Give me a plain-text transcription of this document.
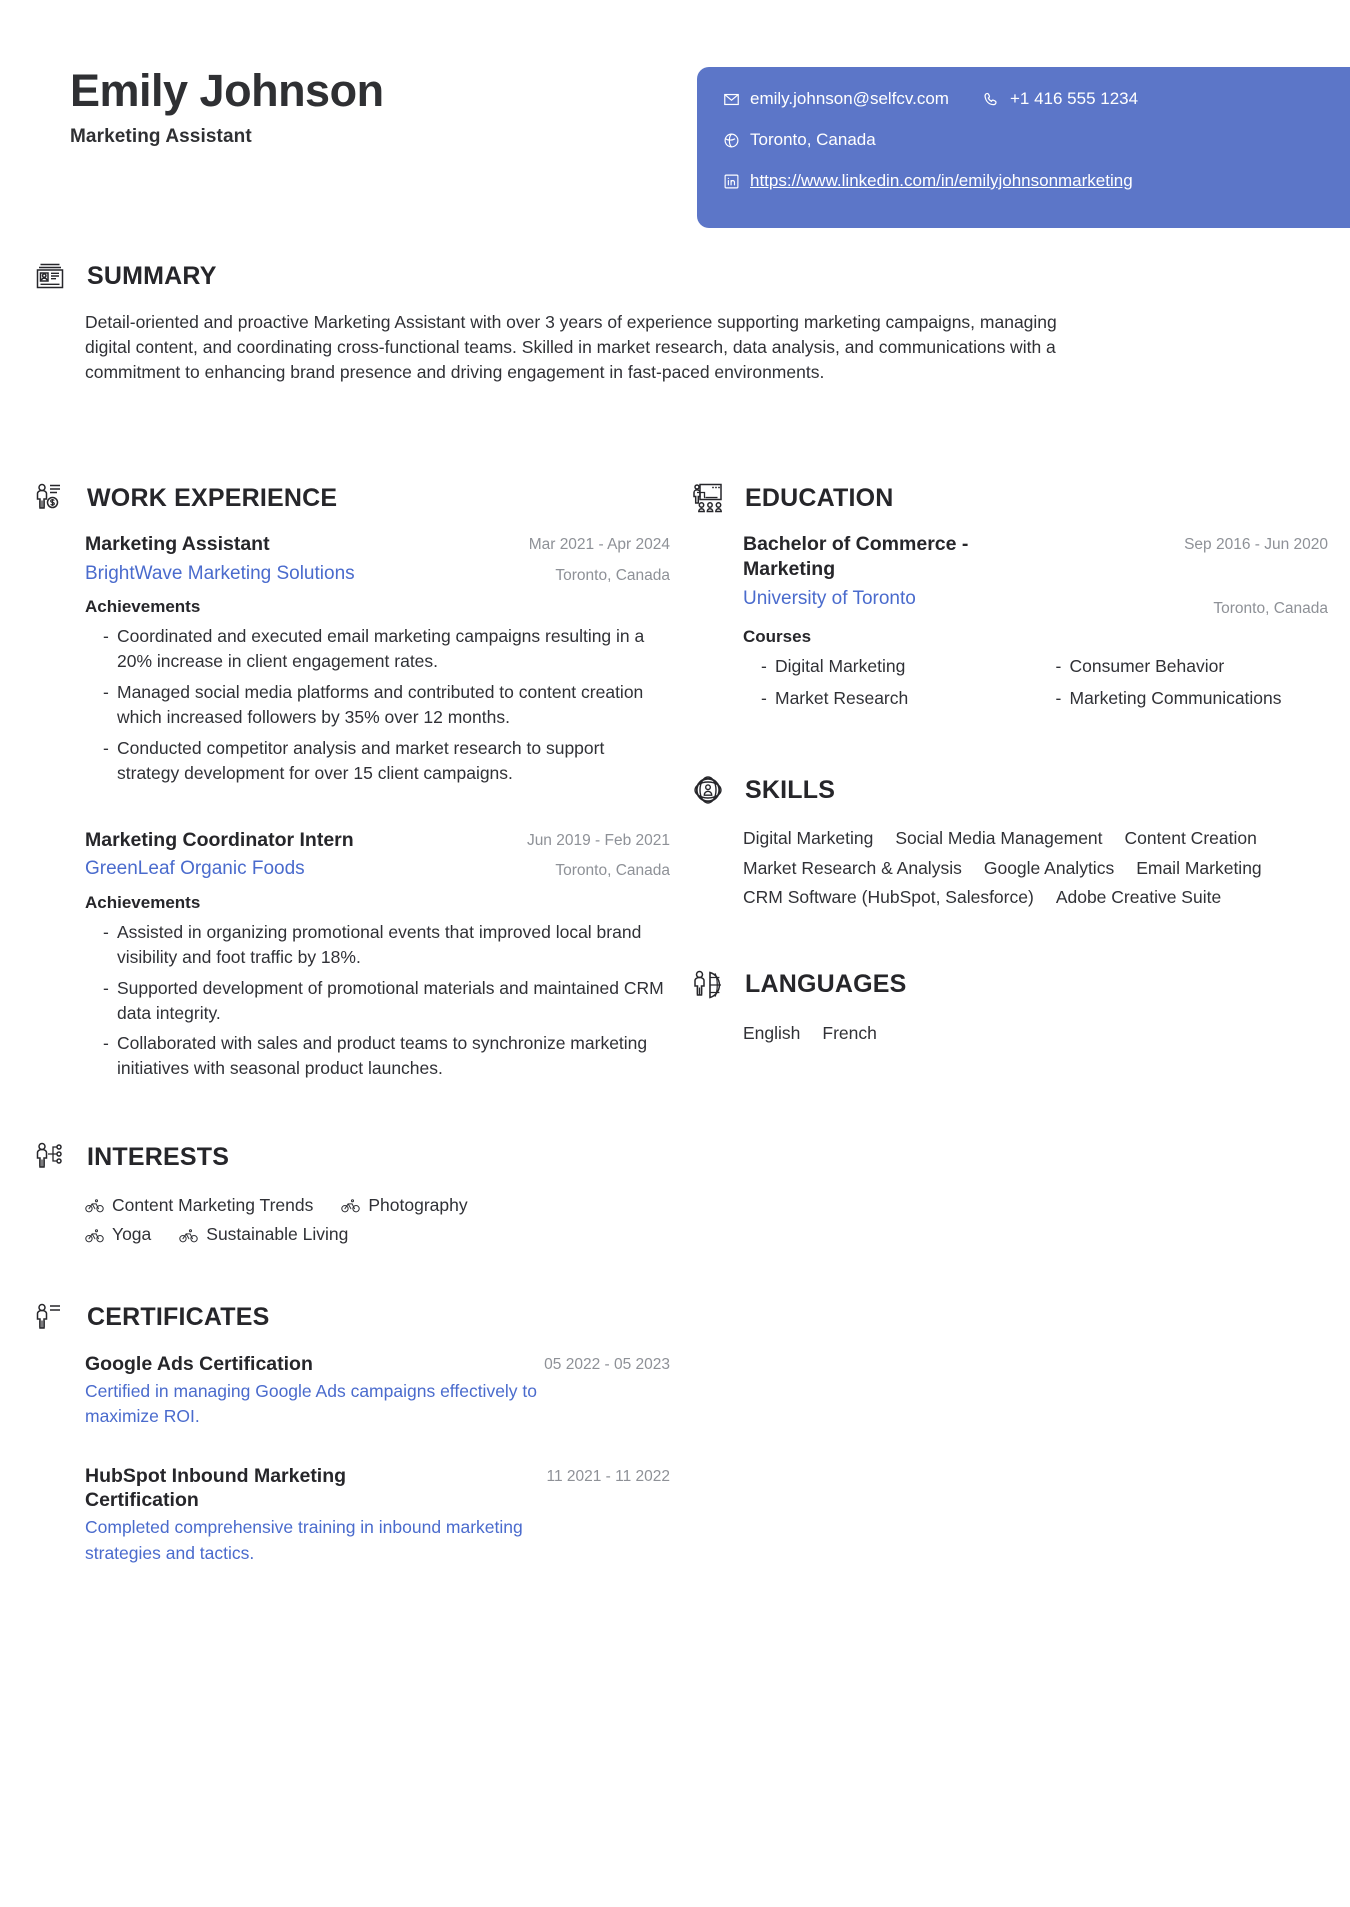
Emily Johnson
Marketing Assistant
emily.johnson@selfcv.com	+1 416 555 1234
Toronto, Canada
https://www.linkedin.com/in/emilyjohnsonmarketing
SUMMARY
Detail-oriented and proactive Marketing Assistant with over 3 years of experience supporting marketing campaigns, managing digital content, and coordinating cross-functional teams. Skilled in market research, data analysis, and communications with a commitment to enhancing brand presence and driving engagement in fast-paced environments.
WORK EXPERIENCE
Marketing Assistant
BrightWave Marketing Solutions
Mar 2021 - Apr 2024
Toronto, Canada
Achievements
- Coordinated and executed email marketing campaigns resulting in a 20% increase in client engagement rates.
- Managed social media platforms and contributed to content creation which increased followers by 35% over 12 months.
- Conducted competitor analysis and market research to support strategy development for over 15 client campaigns.
Marketing Coordinator Intern
GreenLeaf Organic Foods
Jun 2019 - Feb 2021
Toronto, Canada
Achievements
- Assisted in organizing promotional events that improved local brand visibility and foot traffic by 18%.
- Supported development of promotional materials and maintained CRM data integrity.
- Collaborated with sales and product teams to synchronize marketing initiatives with seasonal product launches.
INTERESTS
Content Marketing Trends	Photography
Yoga	Sustainable Living
CERTIFICATES
Google Ads Certification	05 2022 - 05 2023
Certified in managing Google Ads campaigns effectively to maximize ROI.
HubSpot Inbound Marketing Certification
11 2021 - 11 2022
Completed comprehensive training in inbound marketing strategies and tactics.
EDUCATION
Bachelor of Commerce - Marketing
University of Toronto
Sep 2016 - Jun 2020
Toronto, Canada
Courses
- Digital Marketing	- Consumer Behavior
- Market Research	- Marketing Communications
SKILLS
Digital Marketing Social Media Management Content Creation
Market Research & Analysis Google Analytics Email Marketing
CRM Software (HubSpot, Salesforce) Adobe Creative Suite
LANGUAGES
English French
